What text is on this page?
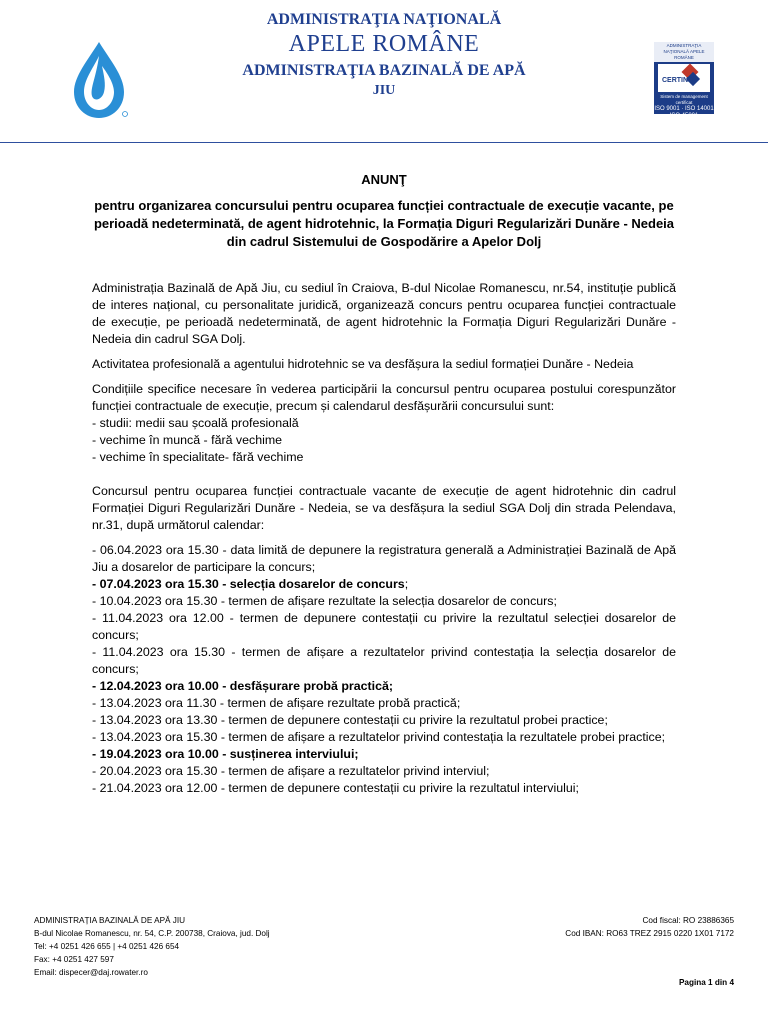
ADMINISTRAŢIA NAŢIONALĂ
APELE ROMÂNE
ADMINISTRAŢIA BAZINALĂ DE APĂ
JIU
ADMINISTRAŢIA NAŢIONALĂ APELE ROMÂNE
CERTIND
Sistem de management certificat
ISO 9001 · ISO 14001
ISO 45001
ANUNŢ
pentru organizarea concursului pentru ocuparea funcției contractuale de execuție vacante, pe perioadă nedeterminată, de agent hidrotehnic, la Formația Diguri Regularizări Dunăre - Nedeia din cadrul Sistemului de Gospodărire a Apelor Dolj

Administrația Bazinală de Apă Jiu, cu sediul în Craiova, B-dul Nicolae Romanescu, nr.54, instituție publică de interes național, cu personalitate juridică, organizează concurs pentru ocuparea funcției contractuale de execuție, pe perioadă nedeterminată, de agent hidrotehnic la Formația Diguri Regularizări Dunăre - Nedeia din cadrul SGA Dolj.

Activitatea profesională a agentului hidrotehnic se va desfășura la sediul formației Dunăre - Nedeia

Condițiile specifice necesare în vederea participării la concursul pentru ocuparea postului corespunzător funcției contractuale de execuție, precum și calendarul desfășurării concursului sunt:

- studii: medii sau școală profesională
- vechime în muncă - fără vechime
- vechime în specialitate- fără vechime

Concursul pentru ocuparea funcției contractuale vacante de execuție de agent hidrotehnic din cadrul Formației Diguri Regularizări Dunăre - Nedeia, se va desfășura la sediul SGA Dolj din strada Pelendava, nr.31, după următorul calendar:

- 06.04.2023 ora 15.30 - data limită de depunere la registratura generală a Administrației Bazinală de Apă Jiu a dosarelor de participare la concurs;
- 07.04.2023 ora 15.30 - selecția dosarelor de concurs;
- 10.04.2023 ora 15.30 - termen de afișare rezultate la selecția dosarelor de concurs;
- 11.04.2023 ora 12.00 - termen de depunere contestații cu privire la rezultatul selecției dosarelor de concurs;
- 11.04.2023 ora 15.30 - termen de afișare a rezultatelor privind contestația la selecția dosarelor de concurs;
- 12.04.2023 ora 10.00 - desfășurare probă practică;
- 13.04.2023 ora 11.30 - termen de afișare rezultate probă practică;
- 13.04.2023 ora 13.30 - termen de depunere contestații cu privire la rezultatul probei practice;
- 13.04.2023 ora 15.30 - termen de afișare a rezultatelor privind contestația la rezultatele probei practice;
- 19.04.2023 ora 10.00 - susținerea interviului;
- 20.04.2023 ora 15.30 - termen de afișare a rezultatelor privind interviul;
- 21.04.2023 ora 12.00 - termen de depunere contestații cu privire la rezultatul interviului;
ADMINISTRAȚIA BAZINALĂ DE APĂ JIU
B-dul Nicolae Romanescu, nr. 54, C.P. 200738, Craiova, jud. Dolj
Tel: +4 0251 426 655 | +4 0251 426 654
Fax: +4 0251 427 597
Email: dispecer@daj.rowater.ro
Cod fiscal: RO 23886365
Cod IBAN: RO63 TREZ 2915 0220 1X01 7172
Pagina 1 din 4
